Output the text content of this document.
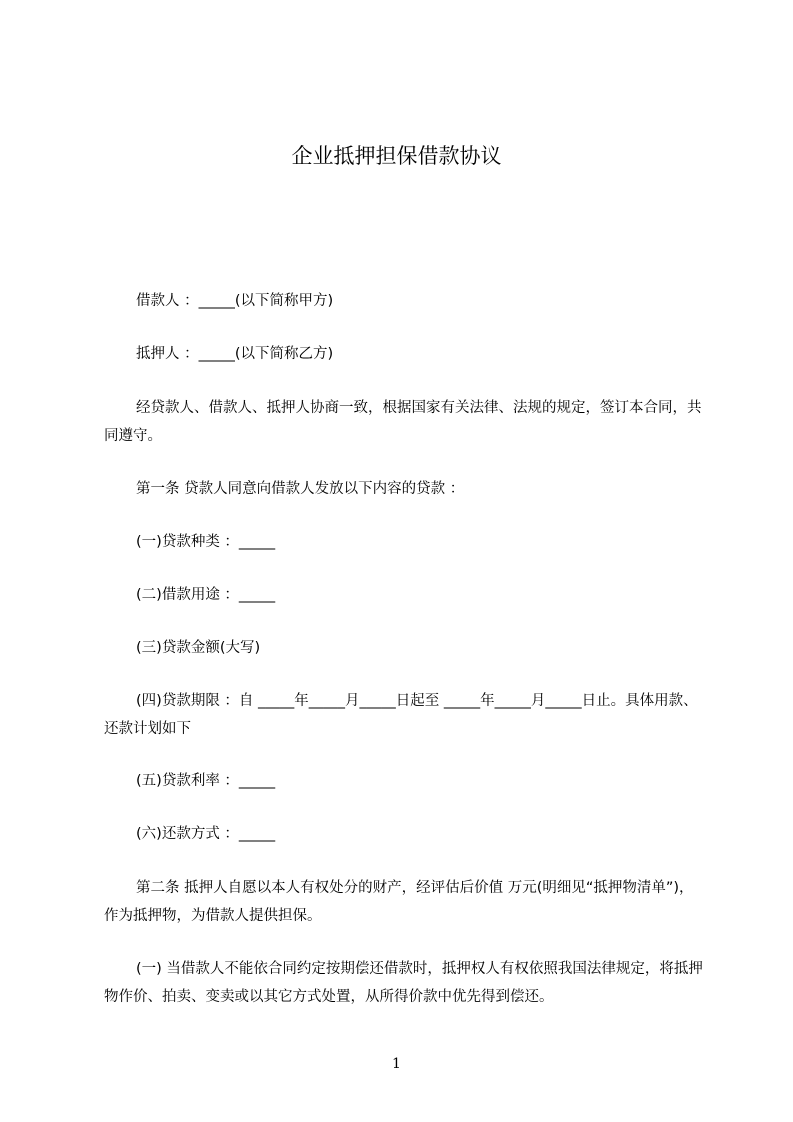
企业抵押担保借款协议

借款人 ：_____(以下简称甲方)

抵押人 ：_____(以下简称乙方)

经贷款人、借款人、抵押人协商一致，根据国家有关法律、法规的规定，签订本合同，共同遵守。

第一条 贷款人同意向借款人发放以下内容的贷款 ：

(一)贷款种类 ：_____

(二)借款用途 ：_____

(三)贷款金额(大写)

(四)贷款期限 ：自 _____年_____月_____日起至 _____年_____月_____日止。具体用款、还款计划如下

(五)贷款利率 ：_____

(六)还款方式 ：_____

第二条 抵押人自愿以本人有权处分的财产，经评估后价值 万元(明细见“抵押物清单”)，作为抵押物，为借款人提供担保。

(一) 当借款人不能依合同约定按期偿还借款时，抵押权人有权依照我国法律规定，将抵押物作价、拍卖、变卖或以其它方式处置，从所得价款中优先得到偿还。

1
